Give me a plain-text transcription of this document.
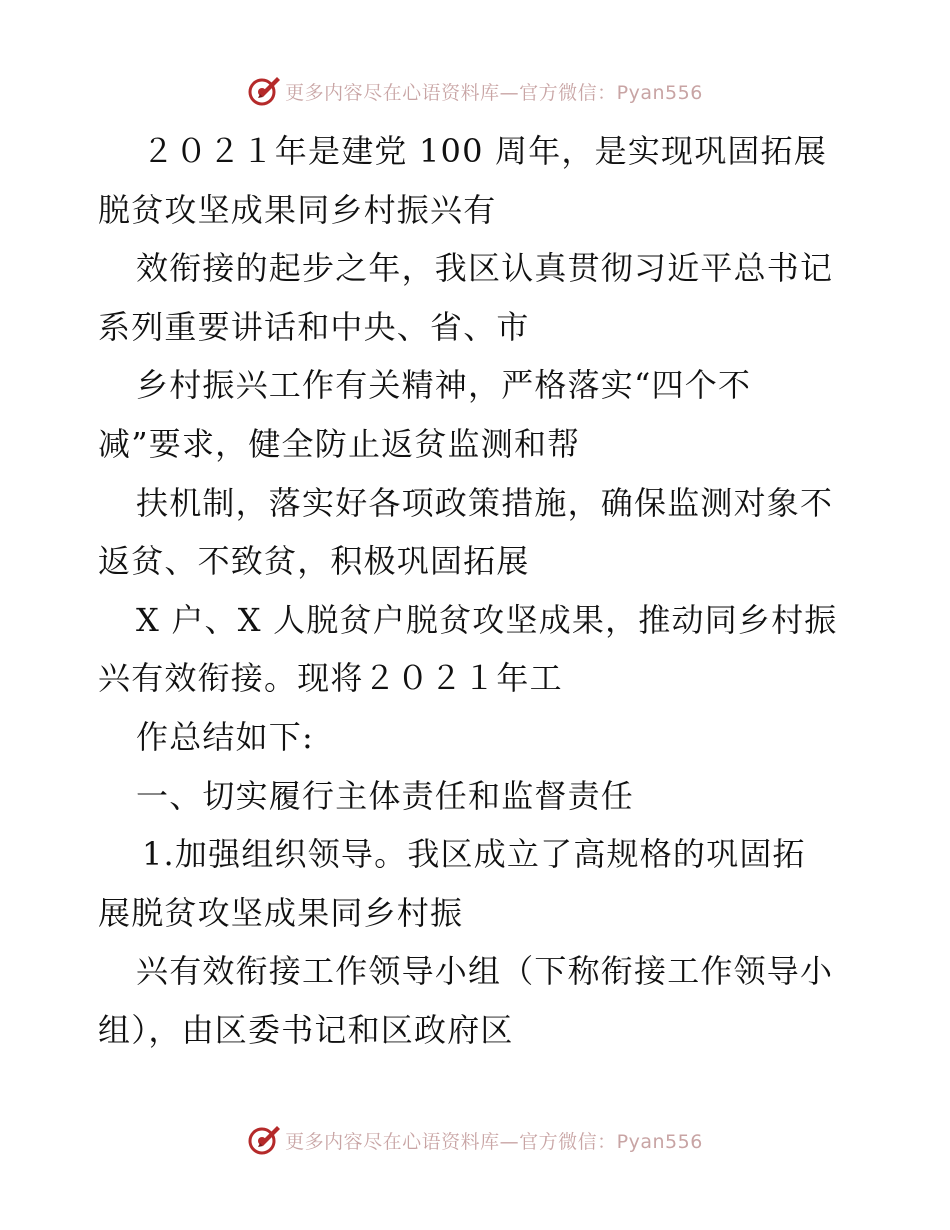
更多内容尽在心语资料库—官方微信：Pyan556
２０２１年是建党 100 周年，是实现巩固拓展
脱贫攻坚成果同乡村振兴有
效衔接的起步之年，我区认真贯彻习近平总书记
系列重要讲话和中央、省、市
乡村振兴工作有关精神，严格落实“四个不
减”要求，健全防止返贫监测和帮
扶机制，落实好各项政策措施，确保监测对象不
返贫、不致贫，积极巩固拓展
X 户、X 人脱贫户脱贫攻坚成果，推动同乡村振
兴有效衔接。现将２０２１年工
作总结如下:
一、切实履行主体责任和监督责任
1.加强组织领导。我区成立了高规格的巩固拓
展脱贫攻坚成果同乡村振
兴有效衔接工作领导小组（下称衔接工作领导小
组），由区委书记和区政府区
更多内容尽在心语资料库—官方微信：Pyan556
